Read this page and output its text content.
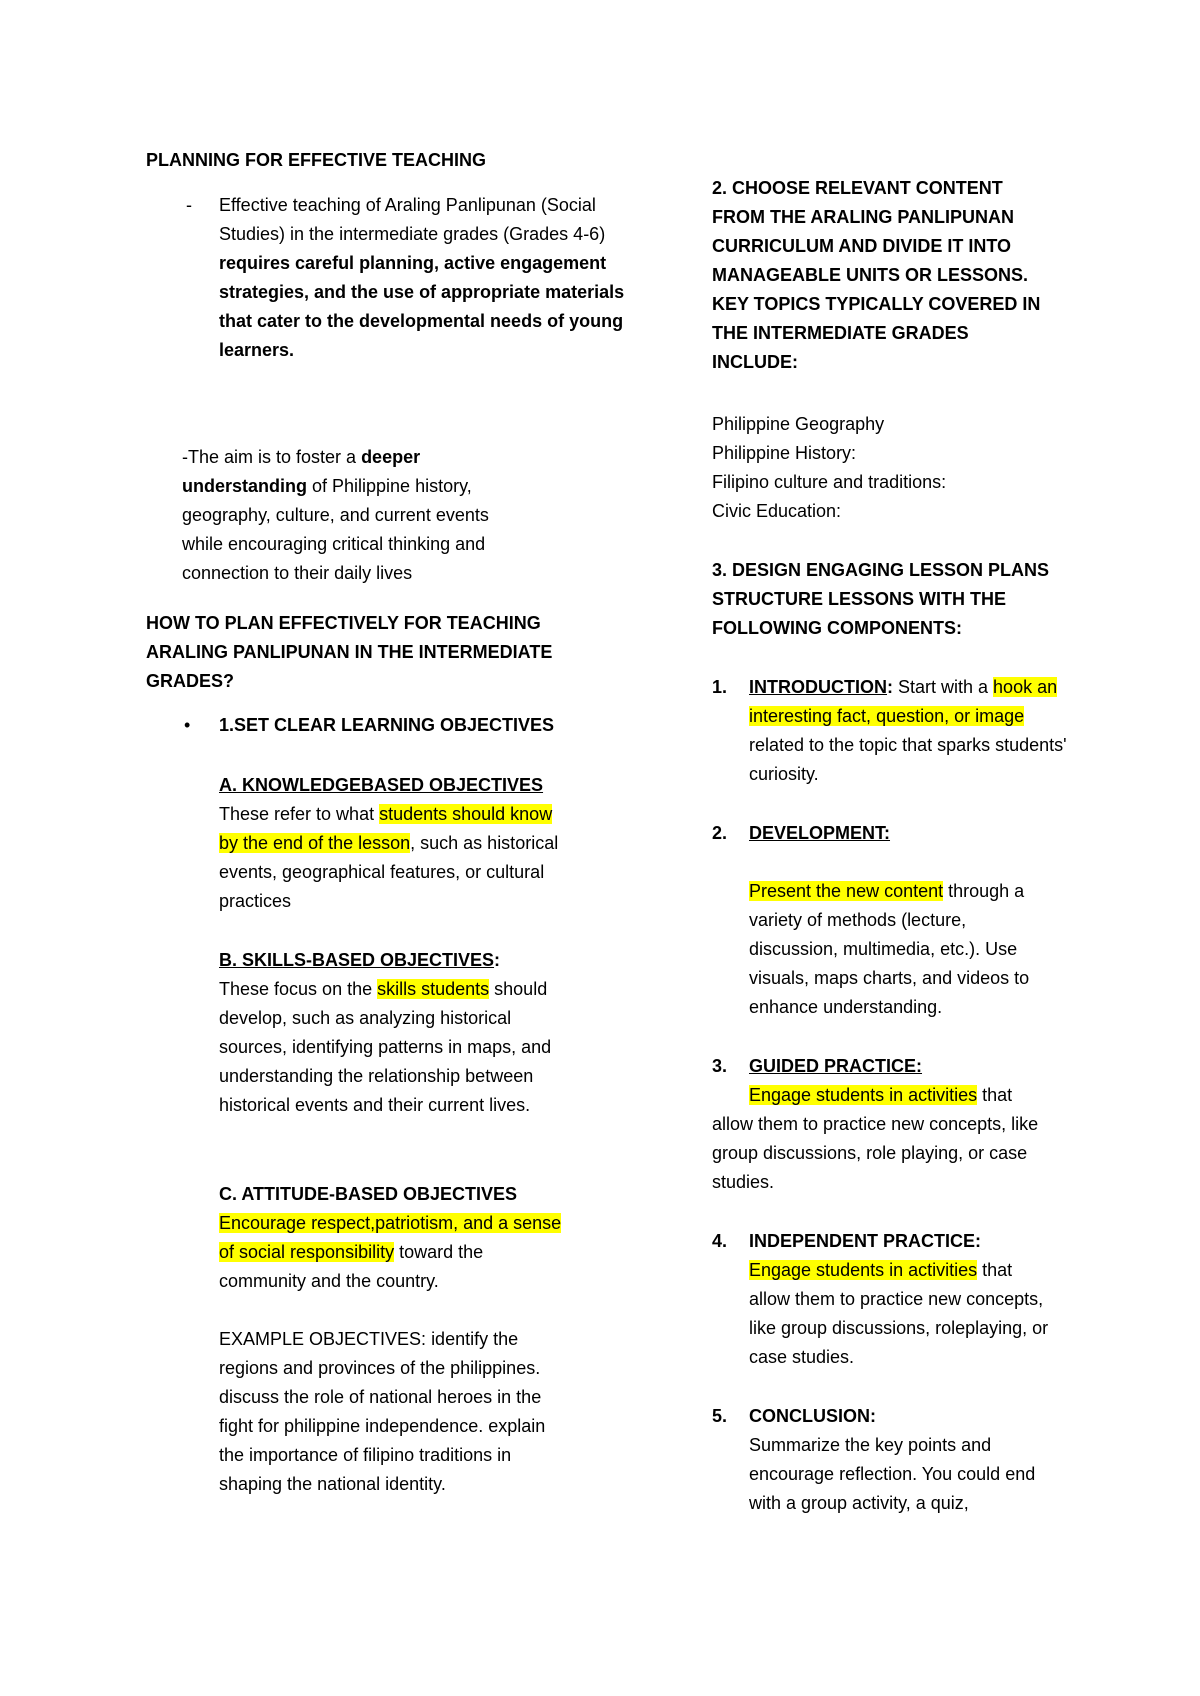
PLANNING FOR EFFECTIVE TEACHING

- Effective teaching of Araling Panlipunan (Social Studies) in the intermediate grades (Grades 4-6) requires careful planning, active engagement strategies, and the use of appropriate materials that cater to the developmental needs of young learners.

-The aim is to foster a deeper understanding of Philippine history, geography, culture, and current events while encouraging critical thinking and connection to their daily lives

HOW TO PLAN EFFECTIVELY FOR TEACHING ARALING PANLIPUNAN IN THE INTERMEDIATE GRADES?

• 1.SET CLEAR LEARNING OBJECTIVES

A. KNOWLEDGEBASED OBJECTIVES

These refer to what students should know by the end of the lesson, such as historical events, geographical features, or cultural practices

B. SKILLS-BASED OBJECTIVES:

These focus on the skills students should develop, such as analyzing historical sources, identifying patterns in maps, and understanding the relationship between historical events and their current lives.

C. ATTITUDE-BASED OBJECTIVES

Encourage respect,patriotism, and a sense of social responsibility toward the community and the country.

EXAMPLE OBJECTIVES: identify the regions and provinces of the philippines. discuss the role of national heroes in the fight for philippine independence. explain the importance of filipino traditions in shaping the national identity.

2. CHOOSE RELEVANT CONTENT FROM THE ARALING PANLIPUNAN CURRICULUM AND DIVIDE IT INTO MANAGEABLE UNITS OR LESSONS. KEY TOPICS TYPICALLY COVERED IN THE INTERMEDIATE GRADES INCLUDE:

Philippine Geography

Philippine History:

Filipino culture and traditions:

Civic Education:

3. DESIGN ENGAGING LESSON PLANS STRUCTURE LESSONS WITH THE FOLLOWING COMPONENTS:

1. INTRODUCTION: Start with a hook an interesting fact, question, or image related to the topic that sparks students' curiosity.

2. DEVELOPMENT:

Present the new content through a variety of methods (lecture, discussion, multimedia, etc.). Use visuals, maps charts, and videos to enhance understanding.

3. GUIDED PRACTICE:

Engage students in activities that allow them to practice new concepts, like group discussions, role playing, or case studies.

4. INDEPENDENT PRACTICE:

Engage students in activities that allow them to practice new concepts, like group discussions, roleplaying, or case studies.

5. CONCLUSION:

Summarize the key points and encourage reflection. You could end with a group activity, a quiz,
